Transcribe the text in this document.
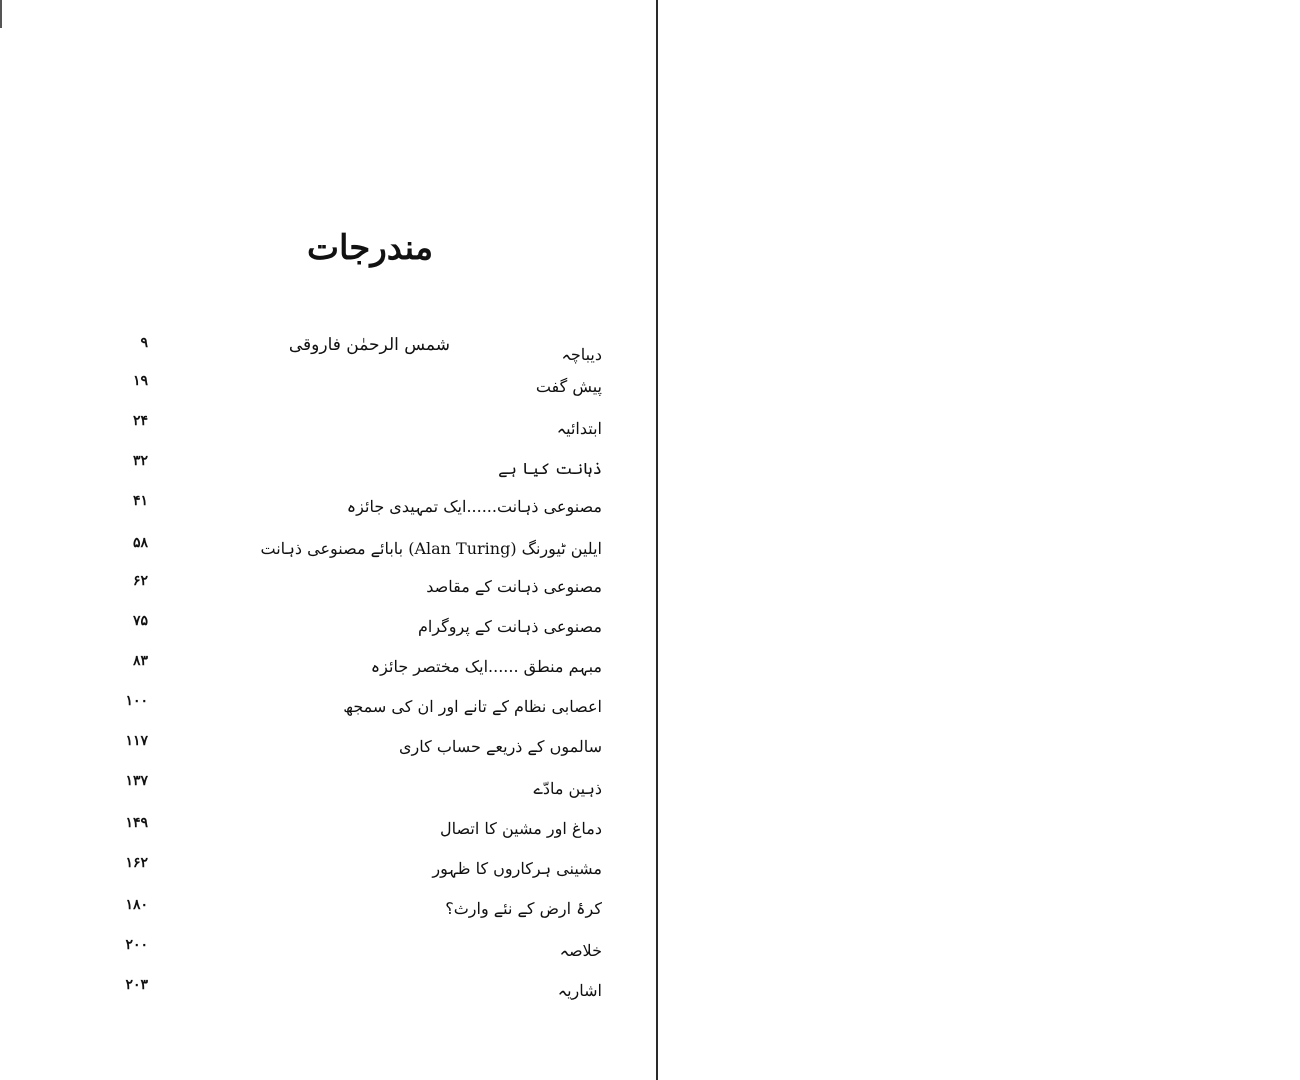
مندرجات
شمس الرحمٰن فاروقی	دیباچہ
۹
پیش گفت
۱۹
ابتدائیہ
۲۴
ذہانت کیا ہے
۳۲
مصنوعی ذہانت......ایک تمہیدی جائزہ
۴۱
ایلین ٹیورنگ (Alan Turing) بابائے مصنوعی ذہانت
۵۸
مصنوعی ذہانت کے مقاصد
۶۲
مصنوعی ذہانت کے پروگرام
۷۵
مبہم منطق ......ایک مختصر جائزہ
۸۳
اعصابی نظام کے تانے اور ان کی سمجھ
۱۰۰
سالموں کے ذریعے حساب کاری
۱۱۷
ذہین مادّے
۱۳۷
دماغ اور مشین کا اتصال
۱۴۹
مشینی ہرکاروں کا ظہور
۱۶۲
کرۂ ارض کے نئے وارث؟
۱۸۰
خلاصہ
۲۰۰
اشاریہ
۲۰۳
